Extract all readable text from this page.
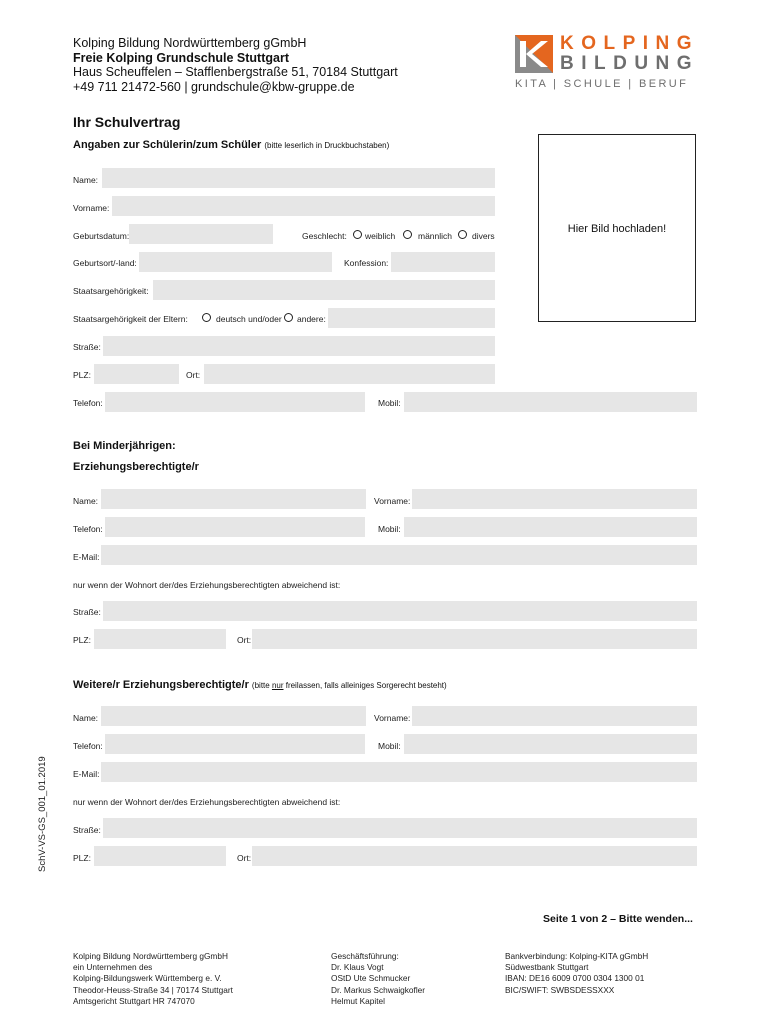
Kolping Bildung Nordwürttemberg gGmbH
Freie Kolping Grundschule Stuttgart
Haus Scheuffelen – Stafflenbergstraße 51, 70184 Stuttgart
+49 711 21472-560 | grundschule@kbw-gruppe.de
KOLPING
BILDUNG
KITA | SCHULE | BERUF
Ihr Schulvertrag
Angaben zur Schülerin/zum Schüler (bitte leserlich in Druckbuchstaben)
Hier Bild hochladen!
Name:
Vorname:
Geburtsdatum:	Geschlecht: weiblich	männlich divers
Geburtsort/-land:	Konfession:
Staatsargehörigkeit:
Staatsargehörigkeit der Eltern:	deutsch und/oder andere:
Straße:
PLZ:	Ort:
Telefon:	Mobil:
Bei Minderjährigen:
Erziehungsberechtigte/r
Name:	Vorname:
Telefon:	Mobil:
E-Mail:
nur wenn der Wohnort der/des Erziehungsberechtigten abweichend ist:
Straße:
PLZ:	Ort:
Weitere/r Erziehungsberechtigte/r (bitte nur freilassen, falls alleiniges Sorgerecht besteht)
Name:	Vorname:
Telefon:	Mobil:
E-Mail:
nur wenn der Wohnort der/des Erziehungsberechtigten abweichend ist:
Straße:
PLZ:	Ort:
SchV-VS-GS_001_01.2019
Seite 1 von 2 – Bitte wenden...
Kolping Bildung Nordwürttemberg gGmbH
ein Unternehmen des
Kolping-Bildungswerk Württemberg e. V.
Theodor-Heuss-Straße 34 | 70174 Stuttgart
Amtsgericht Stuttgart HR 747070
Geschäftsführung:
Dr. Klaus Vogt
OStD Ute Schmucker
Dr. Markus Schwaigkofler
Helmut Kapitel
Bankverbindung: Kolping-KITA gGmbH
Südwestbank Stuttgart
IBAN: DE16 6009 0700 0304 1300 01
BIC/SWIFT: SWBSDESSXXX
